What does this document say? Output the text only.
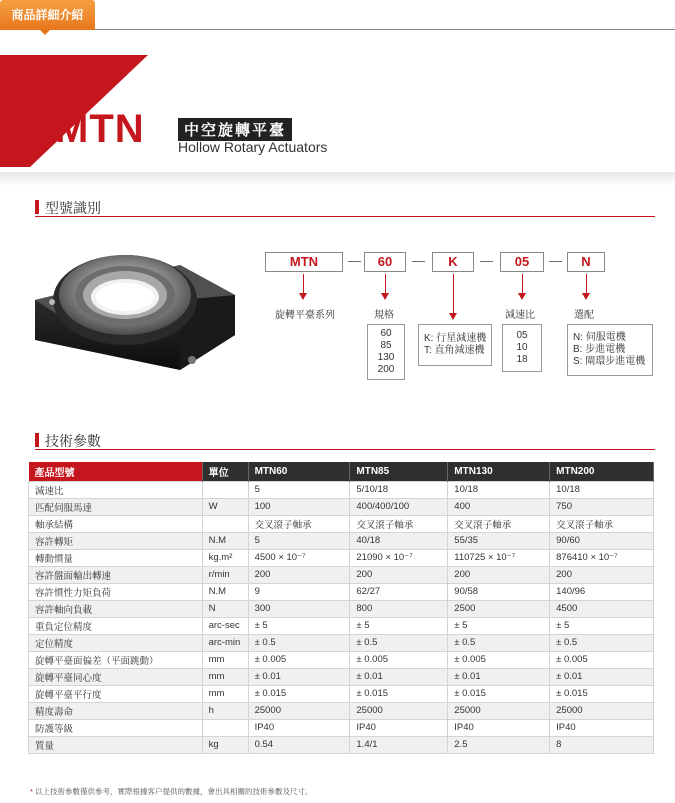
商品詳細介紹
MTN	中空旋轉平臺
Hollow Rotary Actuators
型號識別
MTN	—	60	—	K	—	05	—	N
旋轉平臺系列	規格	減速比	選配
60
85
130
200
K: 行星減速機
T: 直角減速機
05
10
18
N: 伺服電機
B: 步進電機
S: 閘環步進電機
技術參數
產品型號	單位	MTN60	MTN85	MTN130	MTN200
減速比		5	5/10/18	10/18	10/18
匹配伺服馬達	W	100	400/400/100	400	750
軸承結構		交叉滾子軸承	交叉滾子軸承	交叉滾子軸承	交叉滾子軸承
容許轉矩	N.M	5	40/18	55/35	90/60
轉動慣量	kg.m²	4500 × 10⁻⁷	21090 × 10⁻⁷	110725 × 10⁻⁷	876410 × 10⁻⁷
容許盤面輸出轉速	r/min	200	200	200	200
容許慣性力矩負荷	N.M	9	62/27	90/58	140/96
容許軸向負載	N	300	800	2500	4500
重負定位精度	arc-sec	± 5	± 5	± 5	± 5
定位精度	arc-min	± 0.5	± 0.5	± 0.5	± 0.5
旋轉平臺面偏差（平面跳動）	mm	± 0.005	± 0.005	± 0.005	± 0.005
旋轉平臺同心度	mm	± 0.01	± 0.01	± 0.01	± 0.01
旋轉平臺平行度	mm	± 0.015	± 0.015	± 0.015	± 0.015
精度壽命	h	25000	25000	25000	25000
防護等級		IP40	IP40	IP40	IP40
質量	kg	0.54	1.4/1	2.5	8
* 以上技術參數僅供參考，實際根據客户提供的數據，會出具相關的技術參數及尺寸。
